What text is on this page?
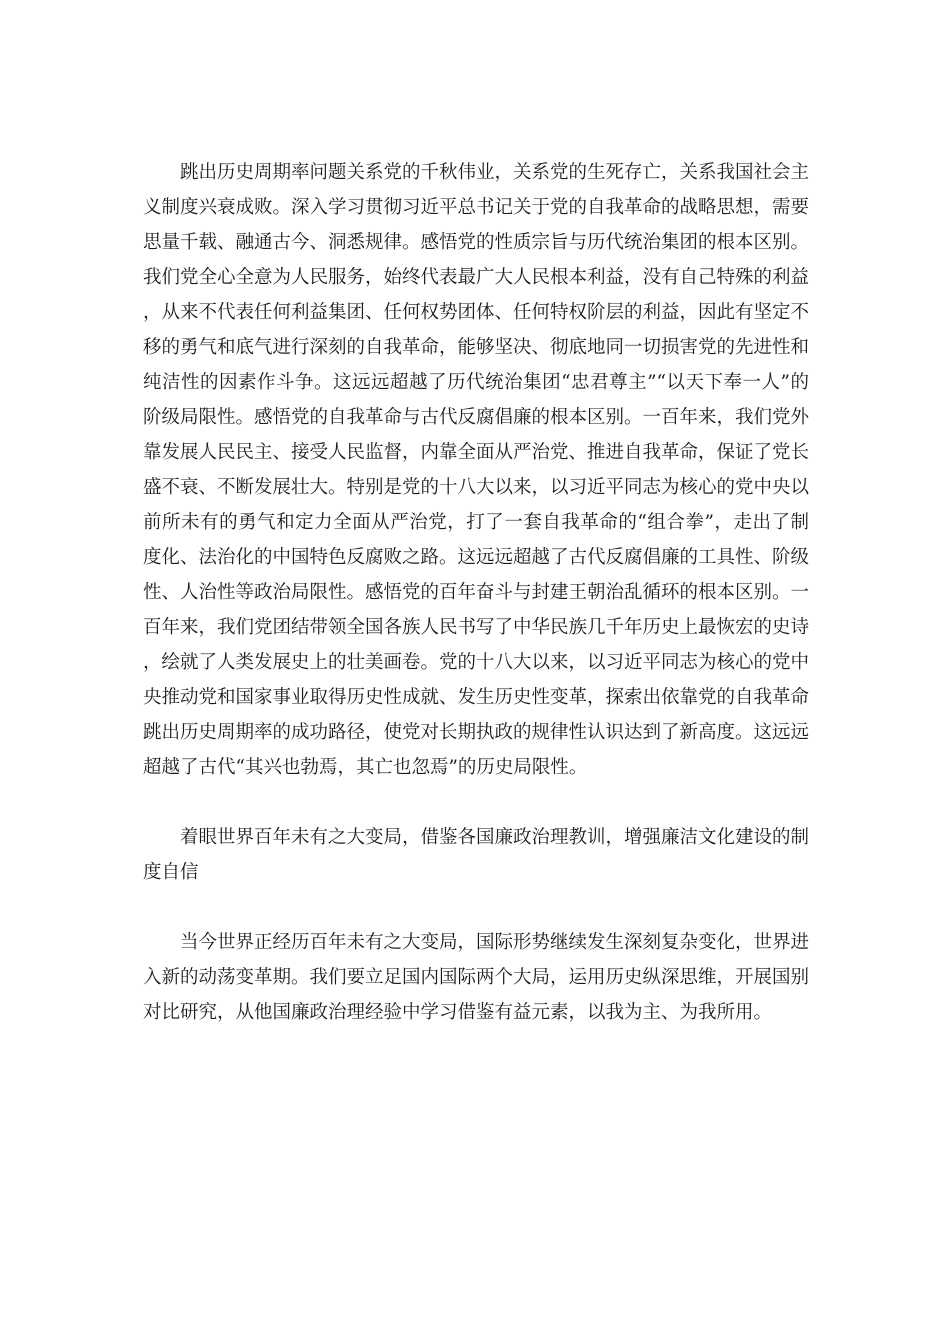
跳出历史周期率问题关系党的千秋伟业，关系党的生死存亡，关系我国社会主义制度兴衰成败。深入学习贯彻习近平总书记关于党的自我革命的战略思想，需要思量千载、融通古今、洞悉规律。感悟党的性质宗旨与历代统治集团的根本区别。我们党全心全意为人民服务，始终代表最广大人民根本利益，没有自己特殊的利益，从来不代表任何利益集团、任何权势团体、任何特权阶层的利益，因此有坚定不移的勇气和底气进行深刻的自我革命，能够坚决、彻底地同一切损害党的先进性和纯洁性的因素作斗争。这远远超越了历代统治集团“忠君尊主”“以天下奉一人”的阶级局限性。感悟党的自我革命与古代反腐倡廉的根本区别。一百年来，我们党外靠发展人民民主、接受人民监督，内靠全面从严治党、推进自我革命，保证了党长盛不衰、不断发展壮大。特别是党的十八大以来，以习近平同志为核心的党中央以前所未有的勇气和定力全面从严治党，打了一套自我革命的“组合拳”，走出了制度化、法治化的中国特色反腐败之路。这远远超越了古代反腐倡廉的工具性、阶级性、人治性等政治局限性。感悟党的百年奋斗与封建王朝治乱循环的根本区别。一百年来，我们党团结带领全国各族人民书写了中华民族几千年历史上最恢宏的史诗，绘就了人类发展史上的壮美画卷。党的十八大以来，以习近平同志为核心的党中央推动党和国家事业取得历史性成就、发生历史性变革，探索出依靠党的自我革命跳出历史周期率的成功路径，使党对长期执政的规律性认识达到了新高度。这远远超越了古代“其兴也勃焉，其亡也忽焉”的历史局限性。

着眼世界百年未有之大变局，借鉴各国廉政治理教训，增强廉洁文化建设的制度自信

当今世界正经历百年未有之大变局，国际形势继续发生深刻复杂变化，世界进入新的动荡变革期。我们要立足国内国际两个大局，运用历史纵深思维，开展国别对比研究，从他国廉政治理经验中学习借鉴有益元素，以我为主、为我所用。
